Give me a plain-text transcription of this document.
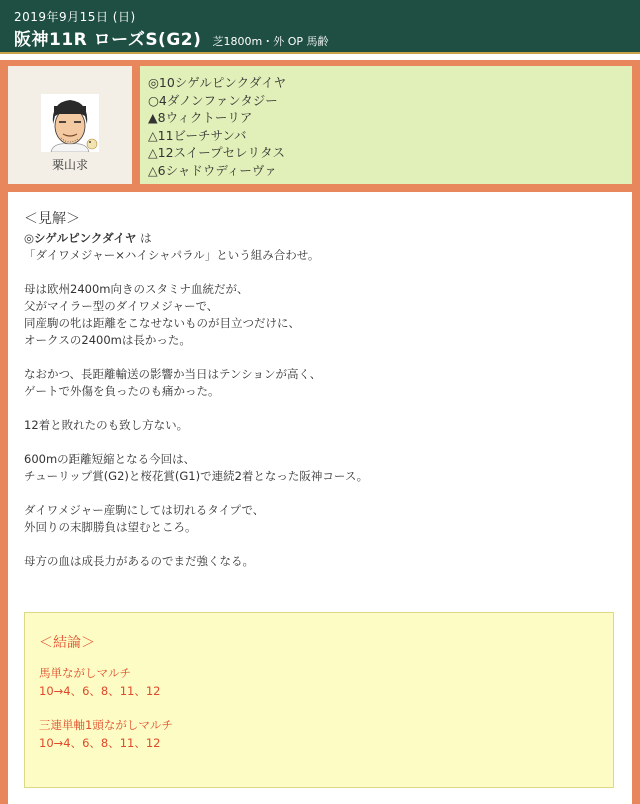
2019年9月15日 (日)
阪神11R ローズS(G2) 芝1800m・外 OP 馬齢
栗山求
◎10シゲルピンクダイヤ
○4ダノンファンタジー
▲8ウィクトーリア
△11ビーチサンバ
△12スイープセレリタス
△6シャドウディーヴァ
＜見解＞

◎シゲルピンクダイヤ は

「ダイワメジャー×ハイシャパラル」という組み合わせ。

母は欧州2400m向きのスタミナ血統だが、

父がマイラー型のダイワメジャーで、

同産駒の牝は距離をこなせないものが目立つだけに、

オークスの2400mは長かった。

なおかつ、長距離輸送の影響か当日はテンションが高く、

ゲートで外傷を負ったのも痛かった。

12着と敗れたのも致し方ない。

600mの距離短縮となる今回は、

チューリップ賞(G2)と桜花賞(G1)で連続2着となった阪神コース。

ダイワメジャー産駒にしては切れるタイプで、

外回りの末脚勝負は望むところ。

母方の血は成長力があるのでまだ強くなる。

＜結論＞

馬単ながしマルチ

10→4、6、8、11、12

三連単軸1頭ながしマルチ

10→4、6、8、11、12
